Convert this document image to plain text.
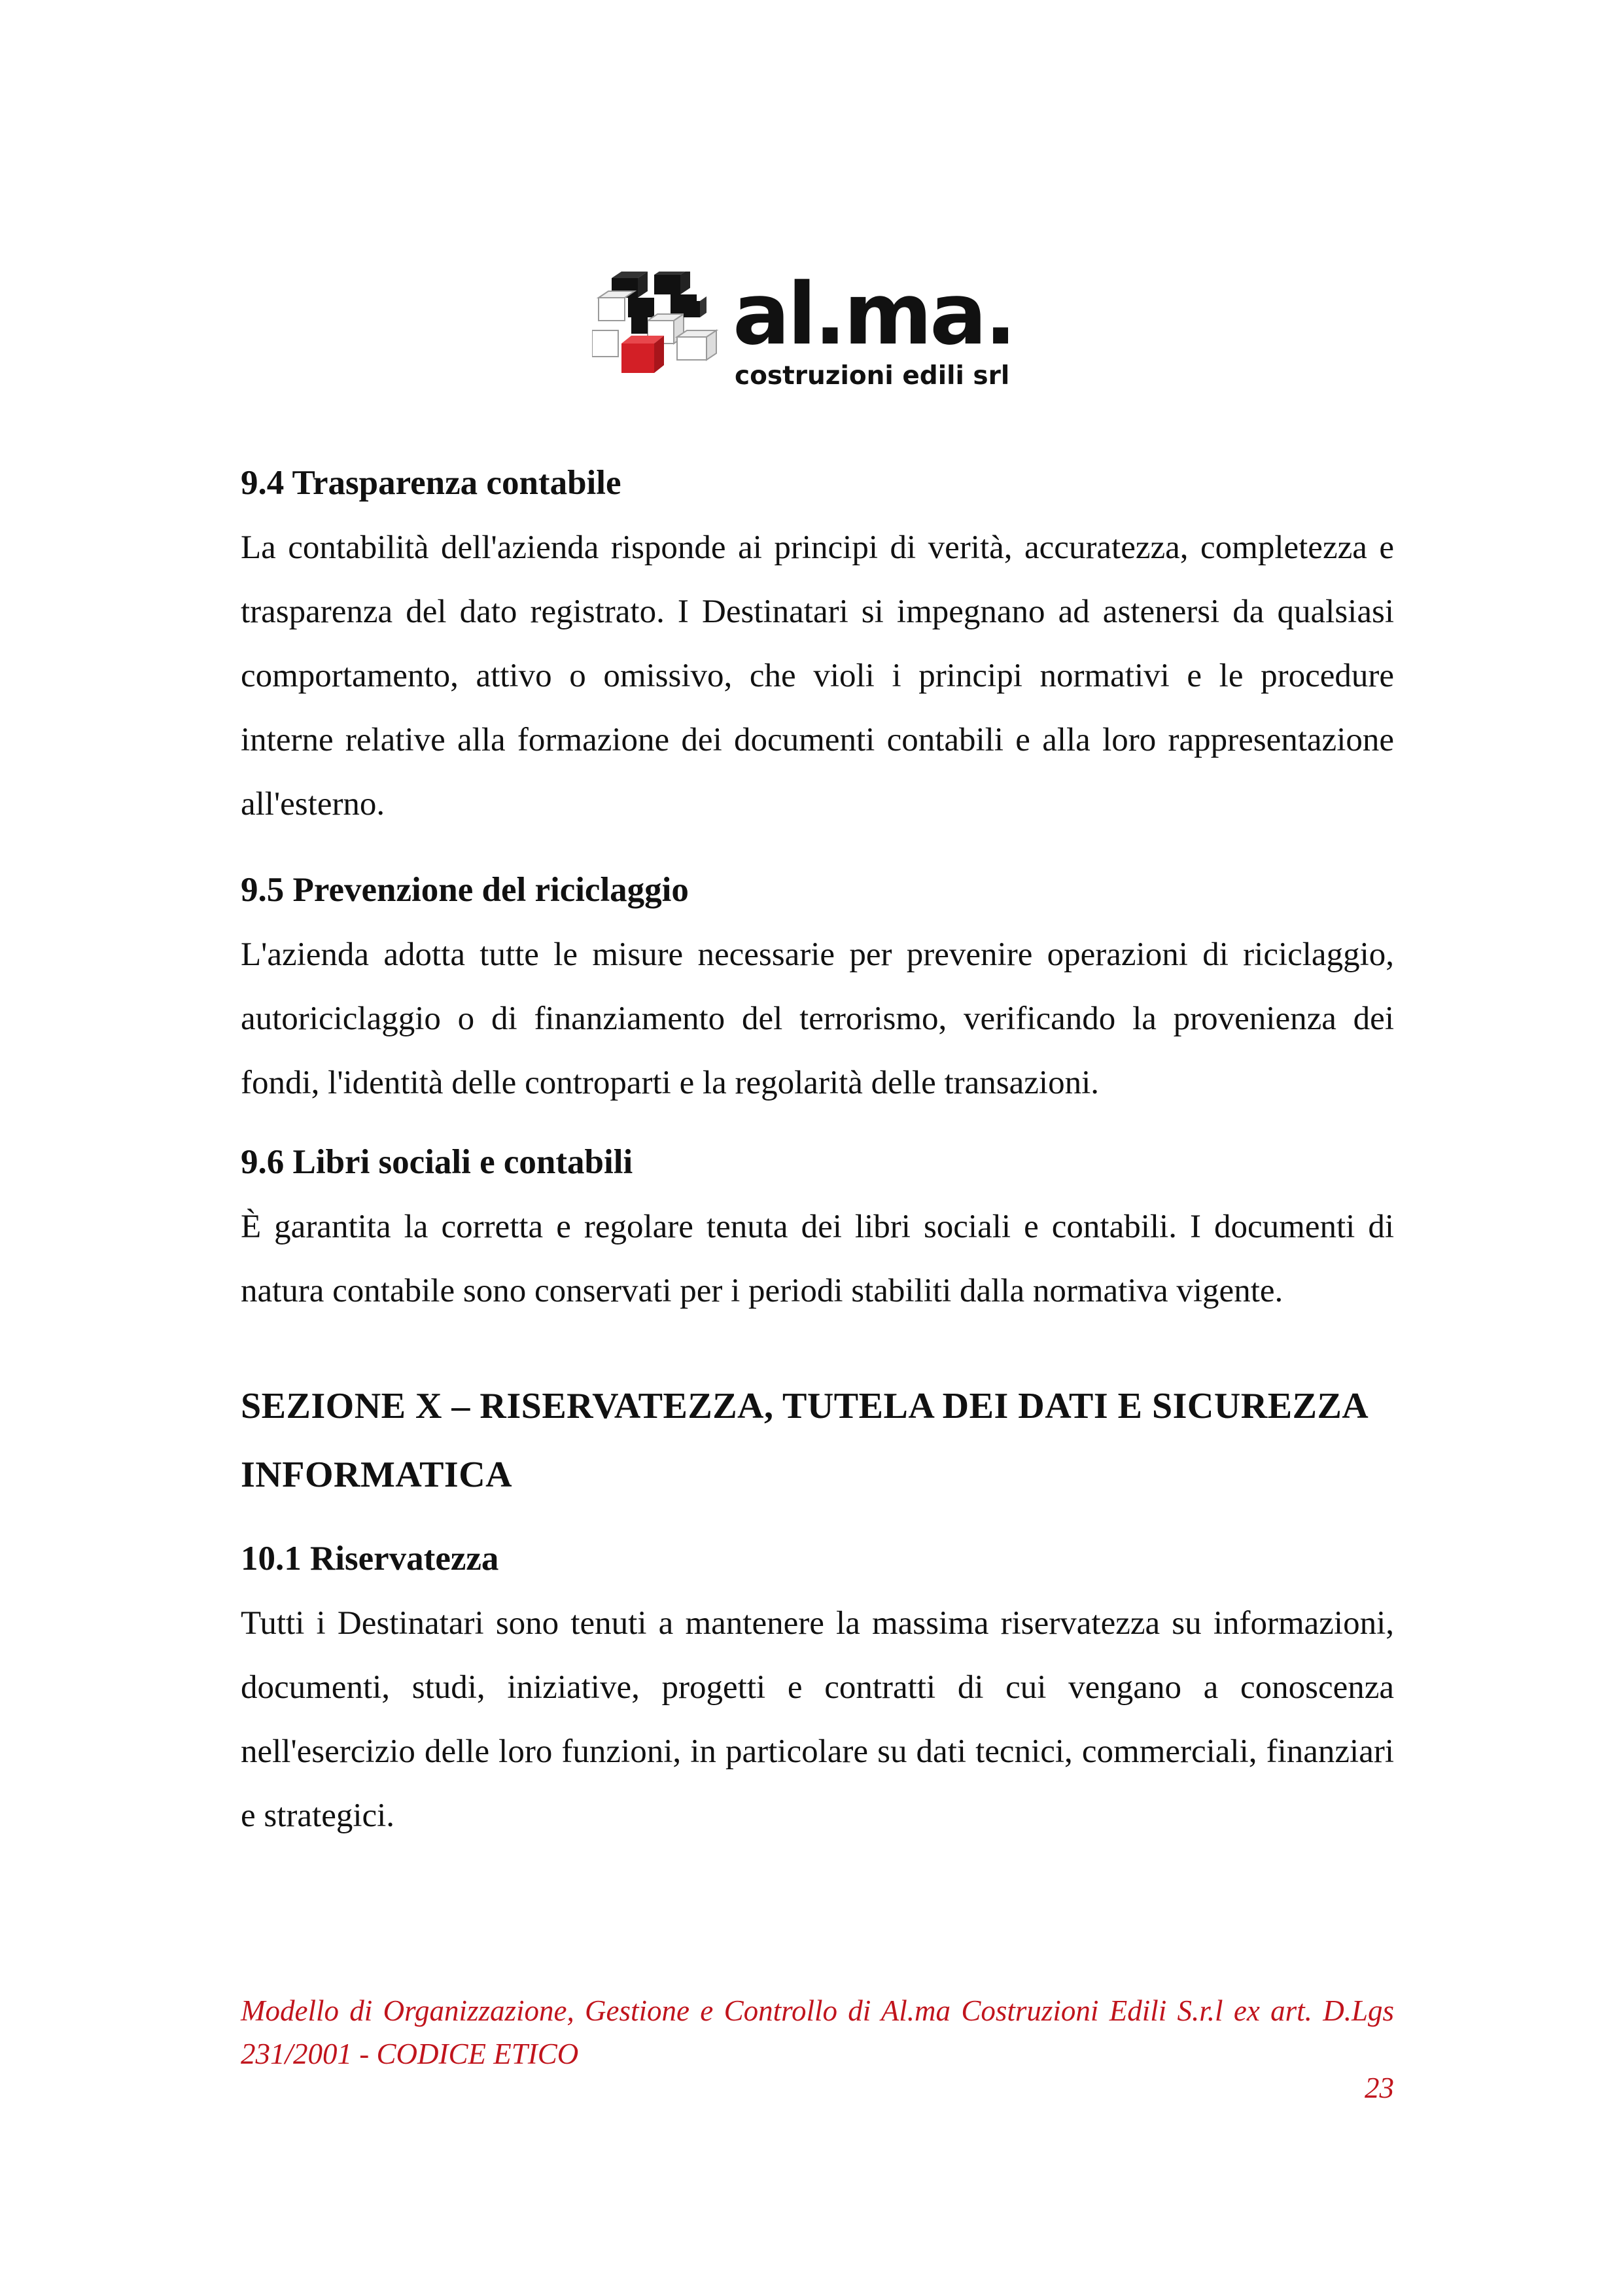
al.ma.
costruzioni edili srl

9.4 Trasparenza contabile

La contabilità dell'azienda risponde ai principi di verità, accuratezza, completezza e trasparenza del dato registrato. I Destinatari si impegnano ad astenersi da qualsiasi comportamento, attivo o omissivo, che violi i principi normativi e le procedure interne relative alla formazione dei documenti contabili e alla loro rappresentazione all'esterno.

9.5 Prevenzione del riciclaggio

L'azienda adotta tutte le misure necessarie per prevenire operazioni di riciclaggio, autoriciclaggio o di finanziamento del terrorismo, verificando la provenienza dei fondi, l'identità delle controparti e la regolarità delle transazioni.

9.6 Libri sociali e contabili

È garantita la corretta e regolare tenuta dei libri sociali e contabili. I documenti di natura contabile sono conservati per i periodi stabiliti dalla normativa vigente.

SEZIONE X – RISERVATEZZA, TUTELA DEI DATI E SICUREZZA INFORMATICA

10.1 Riservatezza

Tutti i Destinatari sono tenuti a mantenere la massima riservatezza su informazioni, documenti, studi, iniziative, progetti e contratti di cui vengano a conoscenza nell'esercizio delle loro funzioni, in particolare su dati tecnici, commerciali, finanziari e strategici.

Modello di Organizzazione, Gestione e Controllo di Al.ma Costruzioni Edili S.r.l ex art. D.Lgs 231/2001 - CODICE ETICO
23
